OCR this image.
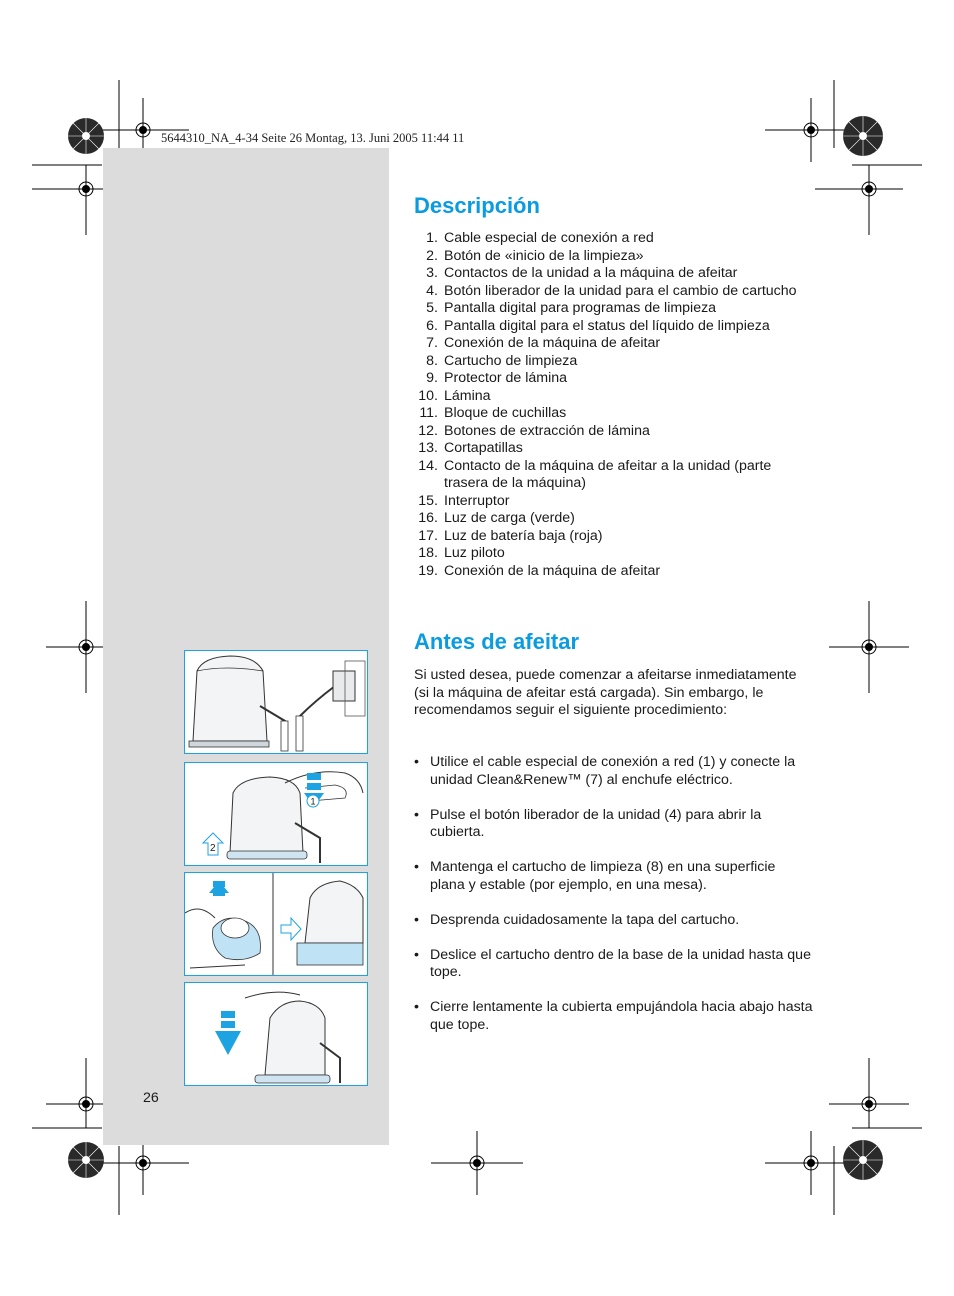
5644310_NA_4-34 Seite 26 Montag, 13. Juni 2005 11:44 11
Descripción
1. Cable especial de conexión a red
2. Botón de «inicio de la limpieza»
3. Contactos de la unidad a la máquina de afeitar
4. Botón liberador de la unidad para el cambio de cartucho
5. Pantalla digital para programas de limpieza
6. Pantalla digital para el status del líquido de limpieza
7. Conexión de la máquina de afeitar
8. Cartucho de limpieza
9. Protector de lámina
10. Lámina
11. Bloque de cuchillas
12. Botones de extracción de lámina
13. Cortapatillas
14. Contacto de la máquina de afeitar a la unidad (parte trasera de la máquina)
15. Interruptor
16. Luz de carga (verde)
17. Luz de batería baja (roja)
18. Luz piloto
19. Conexión de la máquina de afeitar
Antes de afeitar

Si usted desea, puede comenzar a afeitarse inmediatamente (si la máquina de afeitar está cargada). Sin embargo, le recomendamos seguir el siguiente procedimiento:

• Utilice el cable especial de conexión a red (1) y conecte la unidad Clean&Renew™ (7) al enchufe eléctrico.
• Pulse el botón liberador de la unidad (4) para abrir la cubierta.
• Mantenga el cartucho de limpieza (8) en una superficie plana y estable (por ejemplo, en una mesa).
• Desprenda cuidadosamente la tapa del cartucho.
• Deslice el cartucho dentro de la base de la unidad hasta que tope.
• Cierre lentamente la cubierta empujándola hacia abajo hasta que tope.
1
2
26
